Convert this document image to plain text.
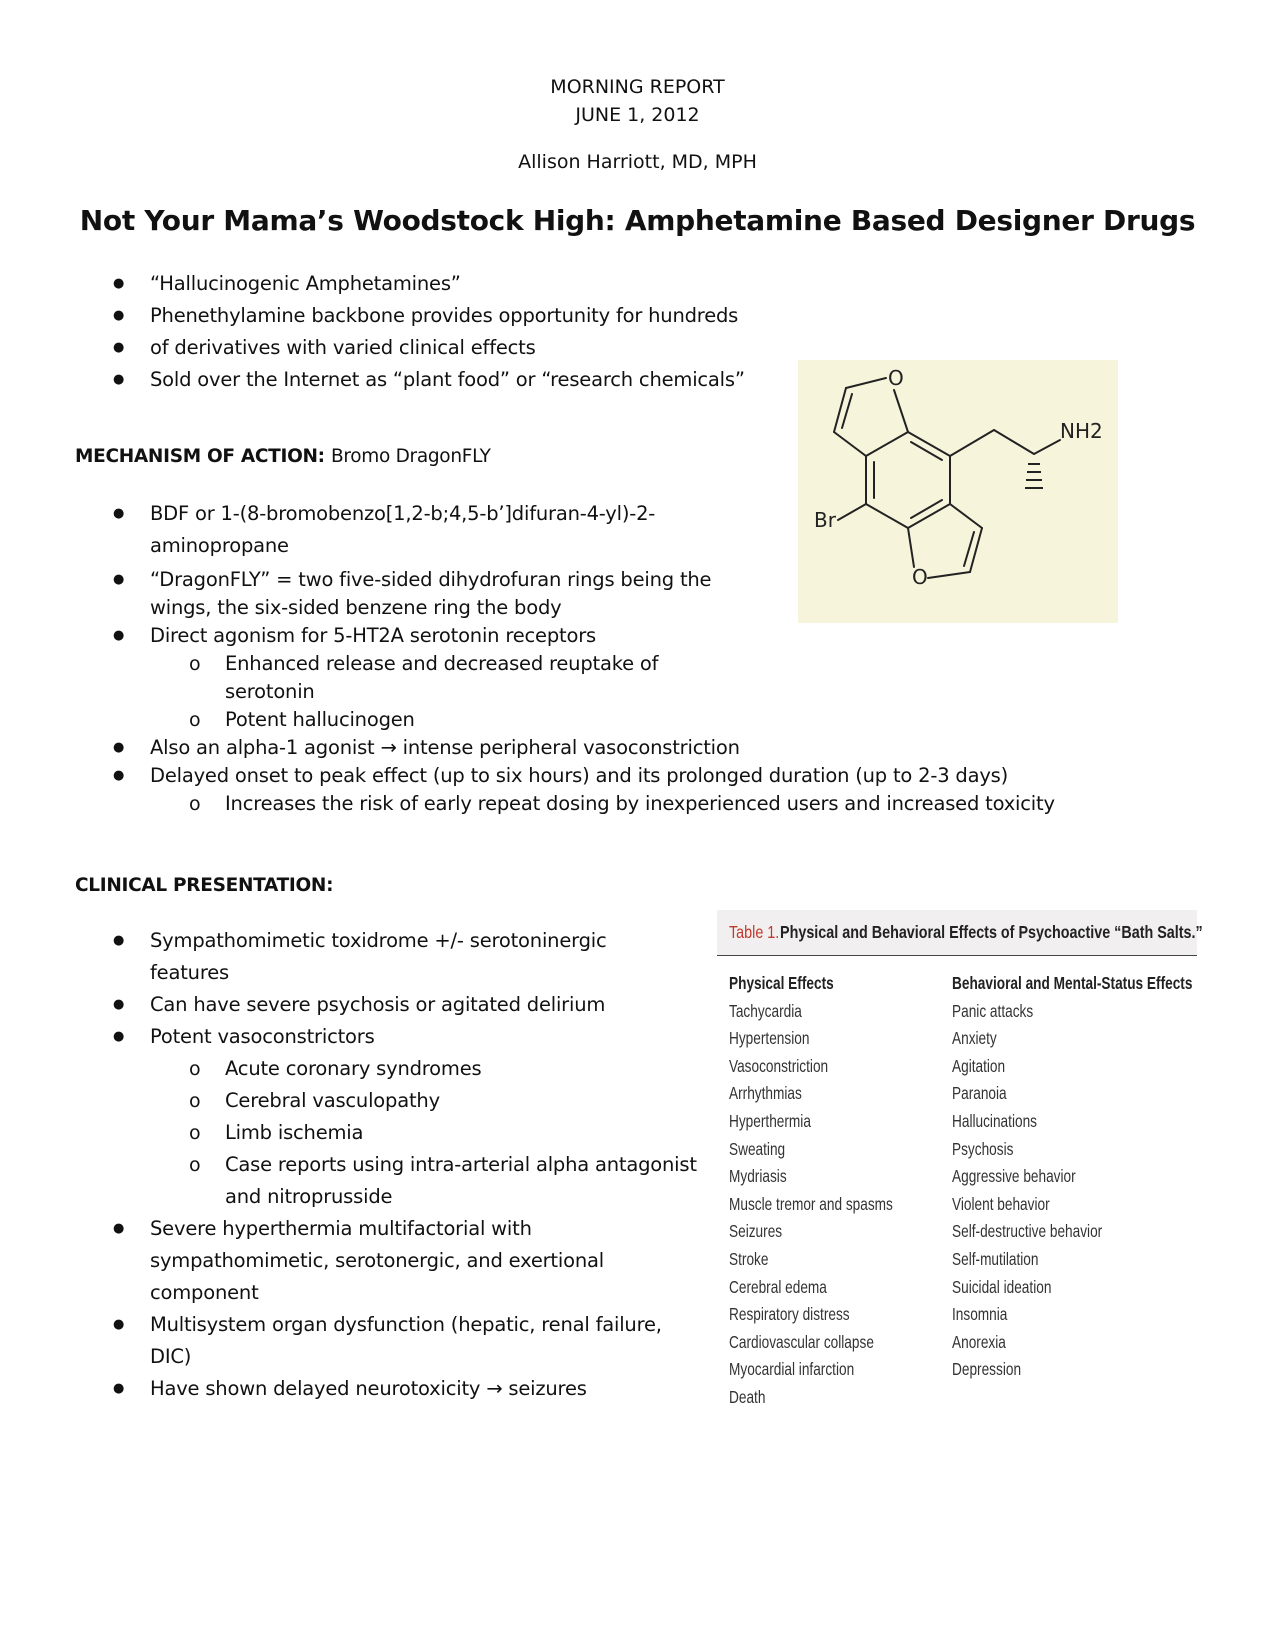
MORNING REPORT
JUNE 1, 2012
Allison Harriott, MD, MPH
Not Your Mama’s Woodstock High: Amphetamine Based Designer Drugs
● “Hallucinogenic Amphetamines”
● Phenethylamine backbone provides opportunity for hundreds
● of derivatives with varied clinical effects
● Sold over the Internet as “plant food” or “research chemicals”
MECHANISM OF ACTION: Bromo DragonFLY
● BDF or 1-(8-bromobenzo[1,2-b;4,5-b’]difuran-4-yl)-2-
aminopropane
● “DragonFLY” = two five-sided dihydrofuran rings being the
wings, the six-sided benzene ring the body
● Direct agonism for 5-HT2A serotonin receptors
o Enhanced release and decreased reuptake of
serotonin
o Potent hallucinogen
● Also an alpha-1 agonist → intense peripheral vasoconstriction
● Delayed onset to peak effect (up to six hours) and its prolonged duration (up to 2-3 days)
o Increases the risk of early repeat dosing by inexperienced users and increased toxicity
O
O
Br
NH2
CLINICAL PRESENTATION:
● Sympathomimetic toxidrome +/- serotoninergic
features
● Can have severe psychosis or agitated delirium
● Potent vasoconstrictors
o Acute coronary syndromes
o Cerebral vasculopathy
o Limb ischemia
o Case reports using intra-arterial alpha antagonist
and nitroprusside
● Severe hyperthermia multifactorial with
sympathomimetic, serotonergic, and exertional
component
● Multisystem organ dysfunction (hepatic, renal failure,
DIC)
● Have shown delayed neurotoxicity → seizures
Table 1. Physical and Behavioral Effects of Psychoactive “Bath Salts.”
Physical Effects
Tachycardia
Hypertension
Vasoconstriction
Arrhythmias
Hyperthermia
Sweating
Mydriasis
Muscle tremor and spasms
Seizures
Stroke
Cerebral edema
Respiratory distress
Cardiovascular collapse
Myocardial infarction
Death
Behavioral and Mental-Status Effects
Panic attacks
Anxiety
Agitation
Paranoia
Hallucinations
Psychosis
Aggressive behavior
Violent behavior
Self-destructive behavior
Self-mutilation
Suicidal ideation
Insomnia
Anorexia
Depression
